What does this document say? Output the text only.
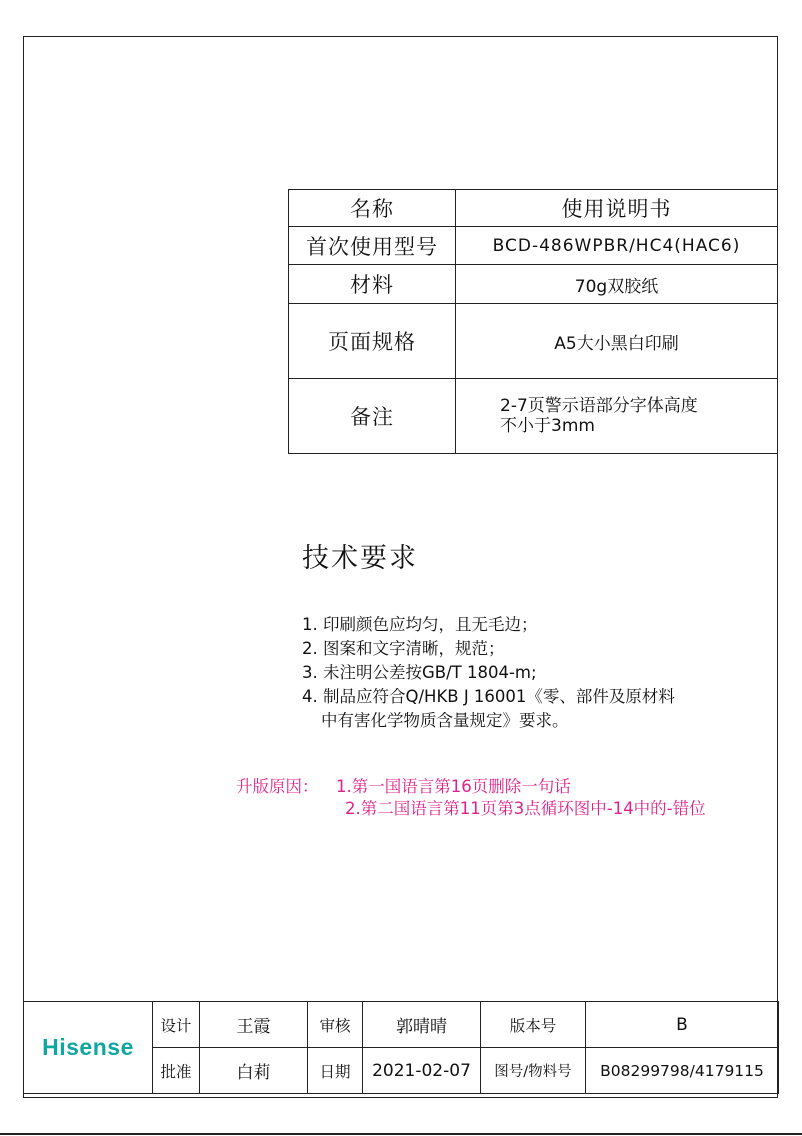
名称	使用说明书
首次使用型号	BCD-486WPBR/HC4(HAC6)
材料	70g双胶纸
页面规格	A5大小黑白印刷
备注	2-7页警示语部分字体高度
不小于3mm
技术要求
1. 印刷颜色应均匀，且无毛边；
2. 图案和文字清晰，规范；
3. 未注明公差按GB/T 1804-m;
4. 制品应符合Q/HKB J 16001《零、部件及原材料
中有害化学物质含量规定》要求。
升版原因： 1.第一国语言第16页删除一句话
2.第二国语言第11页第3点循环图中-14中的-错位
Hisense	设计	王霞	审核	郭晴晴	版本号	B
	批准	白莉	日期	2021-02-07	图号/物料号	B08299798/4179115
